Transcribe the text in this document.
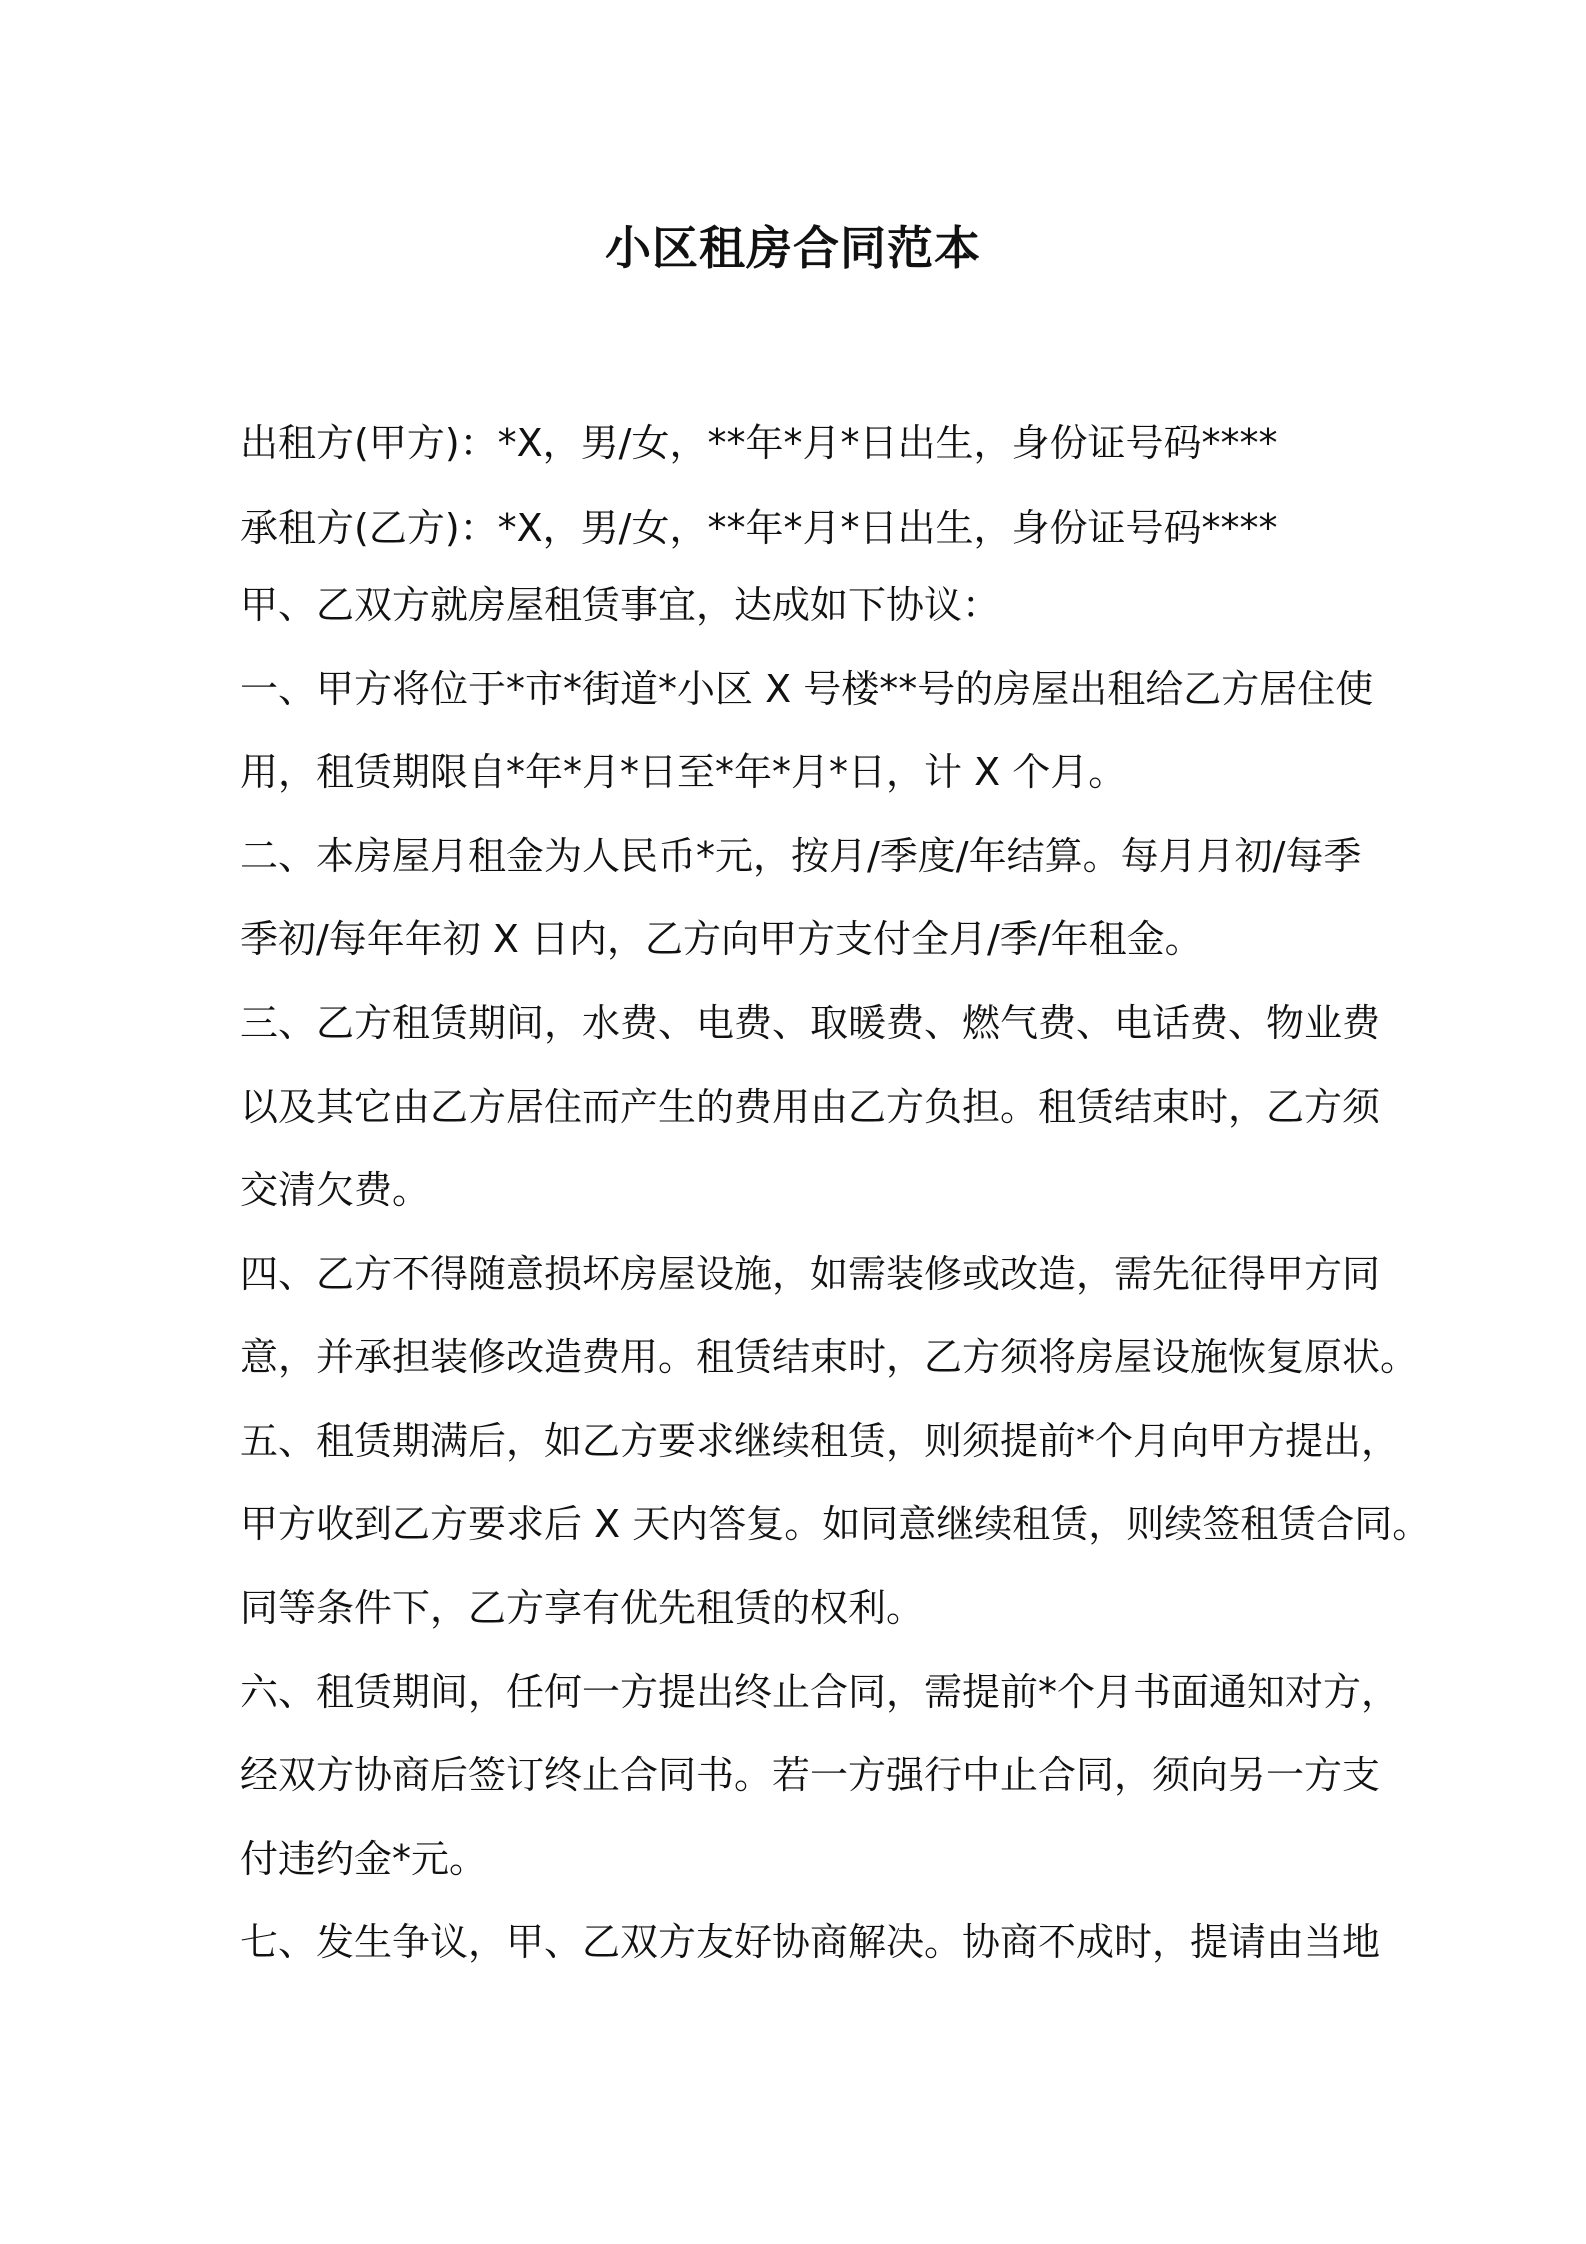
小区租房合同范本
出租方(甲方)：*X，男/女，**年*月*日出生，身份证号码****
承租方(乙方)：*X，男/女，**年*月*日出生，身份证号码****
甲、乙双方就房屋租赁事宜，达成如下协议：
一、甲方将位于*市*街道*小区 X 号楼**号的房屋出租给乙方居住使
用，租赁期限自*年*月*日至*年*月*日，计 X 个月。
二、本房屋月租金为人民币*元，按月/季度/年结算。每月月初/每季
季初/每年年初 X 日内，乙方向甲方支付全月/季/年租金。
三、乙方租赁期间，水费、电费、取暖费、燃气费、电话费、物业费
以及其它由乙方居住而产生的费用由乙方负担。租赁结束时，乙方须
交清欠费。
四、乙方不得随意损坏房屋设施，如需装修或改造，需先征得甲方同
意，并承担装修改造费用。租赁结束时，乙方须将房屋设施恢复原状。
五、租赁期满后，如乙方要求继续租赁，则须提前*个月向甲方提出，
甲方收到乙方要求后 X 天内答复。如同意继续租赁，则续签租赁合同。
同等条件下，乙方享有优先租赁的权利。
六、租赁期间，任何一方提出终止合同，需提前*个月书面通知对方，
经双方协商后签订终止合同书。若一方强行中止合同，须向另一方支
付违约金*元。
七、发生争议，甲、乙双方友好协商解决。协商不成时，提请由当地
